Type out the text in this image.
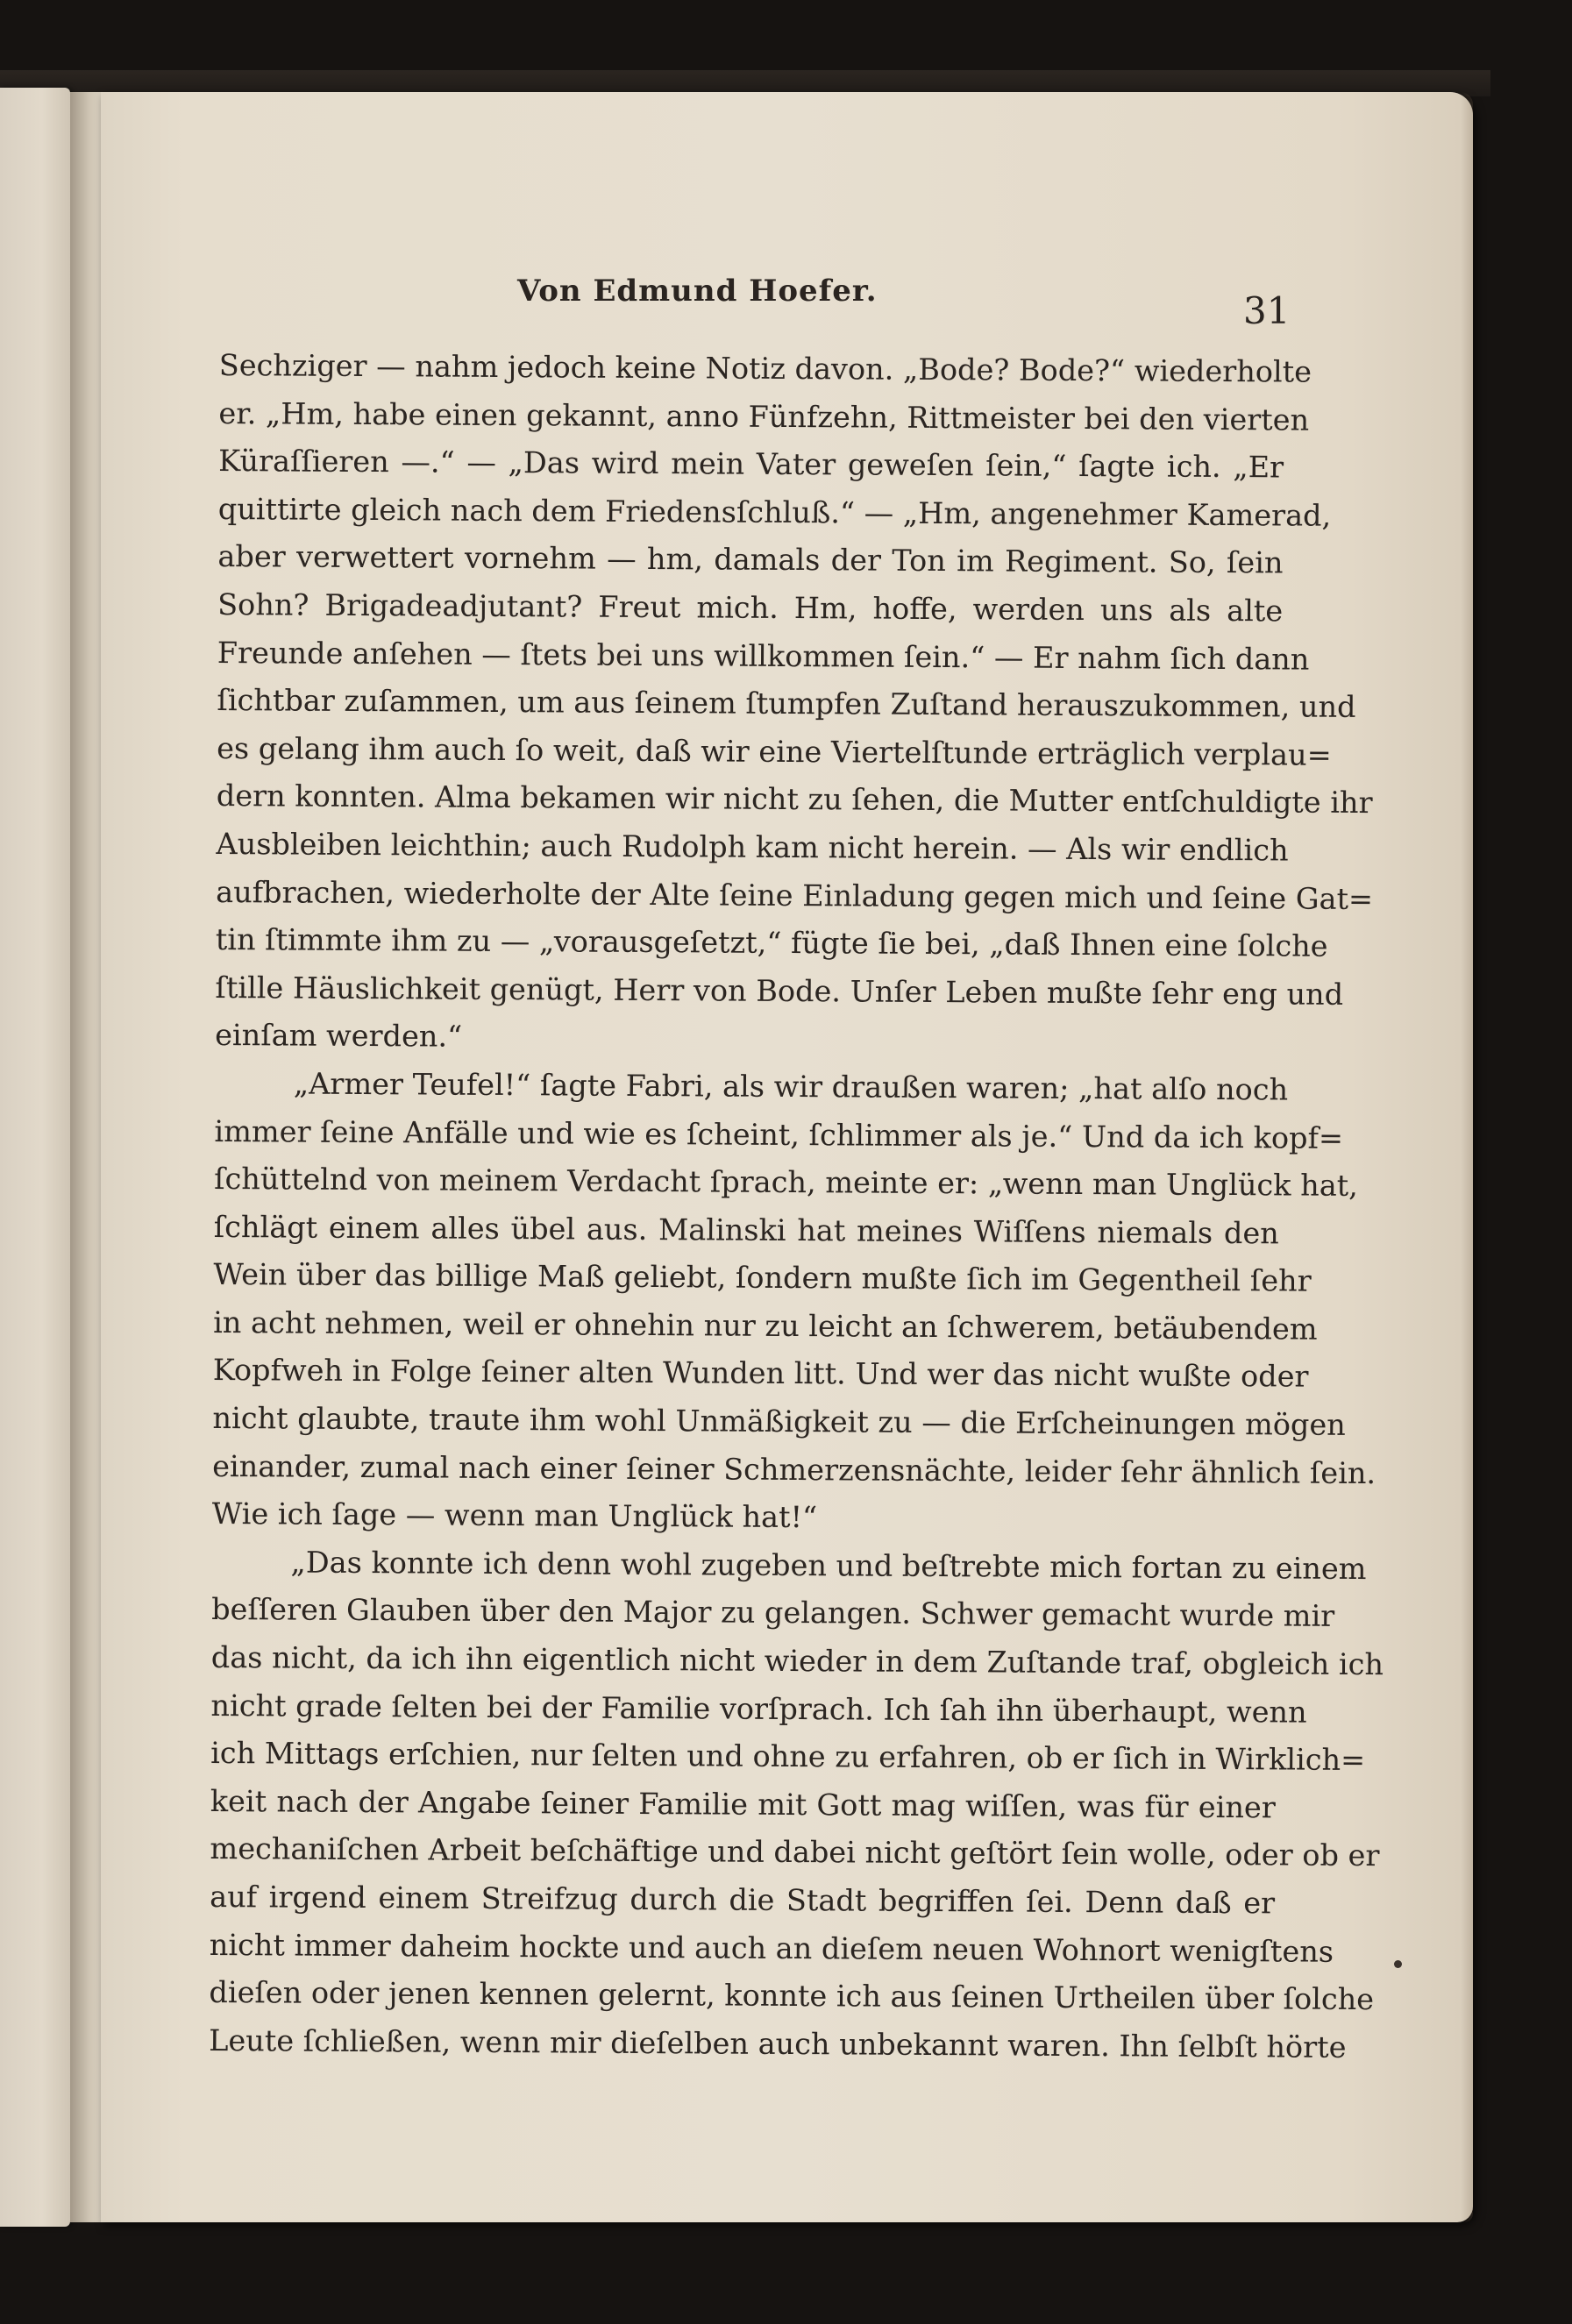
Von Edmund Hoefer.	31
Sechziger — nahm jedoch keine Notiz davon. „Bode? Bode?“ wiederholte
er. „Hm, habe einen gekannt, anno Fünfzehn, Rittmeister bei den vierten
Küraſſieren —.“ — „Das wird mein Vater geweſen ſein,“ ſagte ich. „Er
quittirte gleich nach dem Friedensſchluß.“ — „Hm, angenehmer Kamerad,
aber verwettert vornehm — hm, damals der Ton im Regiment. So, ſein
Sohn? Brigadeadjutant? Freut mich. Hm, hoffe, werden uns als alte
Freunde anſehen — ſtets bei uns willkommen ſein.“ — Er nahm ſich dann
ſichtbar zuſammen, um aus ſeinem ſtumpfen Zuſtand herauszukommen, und
es gelang ihm auch ſo weit, daß wir eine Viertelſtunde erträglich verplau=
dern konnten. Alma bekamen wir nicht zu ſehen, die Mutter entſchuldigte ihr
Ausbleiben leichthin; auch Rudolph kam nicht herein. — Als wir endlich
aufbrachen, wiederholte der Alte ſeine Einladung gegen mich und ſeine Gat=
tin ſtimmte ihm zu — „vorausgeſetzt,“ fügte ſie bei, „daß Ihnen eine ſolche
ſtille Häuslichkeit genügt, Herr von Bode. Unſer Leben mußte ſehr eng und
einſam werden.“
„Armer Teufel!“ ſagte Fabri, als wir draußen waren; „hat alſo noch
immer ſeine Anfälle und wie es ſcheint, ſchlimmer als je.“ Und da ich kopf=
ſchüttelnd von meinem Verdacht ſprach, meinte er: „wenn man Unglück hat,
ſchlägt einem alles übel aus. Malinski hat meines Wiſſens niemals den
Wein über das billige Maß geliebt, ſondern mußte ſich im Gegentheil ſehr
in acht nehmen, weil er ohnehin nur zu leicht an ſchwerem, betäubendem
Kopfweh in Folge ſeiner alten Wunden litt. Und wer das nicht wußte oder
nicht glaubte, traute ihm wohl Unmäßigkeit zu — die Erſcheinungen mögen
einander, zumal nach einer ſeiner Schmerzensnächte, leider ſehr ähnlich ſein.
Wie ich ſage — wenn man Unglück hat!“
„Das konnte ich denn wohl zugeben und beſtrebte mich fortan zu einem
beſſeren Glauben über den Major zu gelangen. Schwer gemacht wurde mir
das nicht, da ich ihn eigentlich nicht wieder in dem Zuſtande traf, obgleich ich
nicht grade ſelten bei der Familie vorſprach. Ich ſah ihn überhaupt, wenn
ich Mittags erſchien, nur ſelten und ohne zu erfahren, ob er ſich in Wirklich=
keit nach der Angabe ſeiner Familie mit Gott mag wiſſen, was für einer
mechaniſchen Arbeit beſchäftige und dabei nicht geſtört ſein wolle, oder ob er
auf irgend einem Streifzug durch die Stadt begriffen ſei. Denn daß er
nicht immer daheim hockte und auch an dieſem neuen Wohnort wenigſtens
dieſen oder jenen kennen gelernt, konnte ich aus ſeinen Urtheilen über ſolche
Leute ſchließen, wenn mir dieſelben auch unbekannt waren. Ihn ſelbſt hörte
